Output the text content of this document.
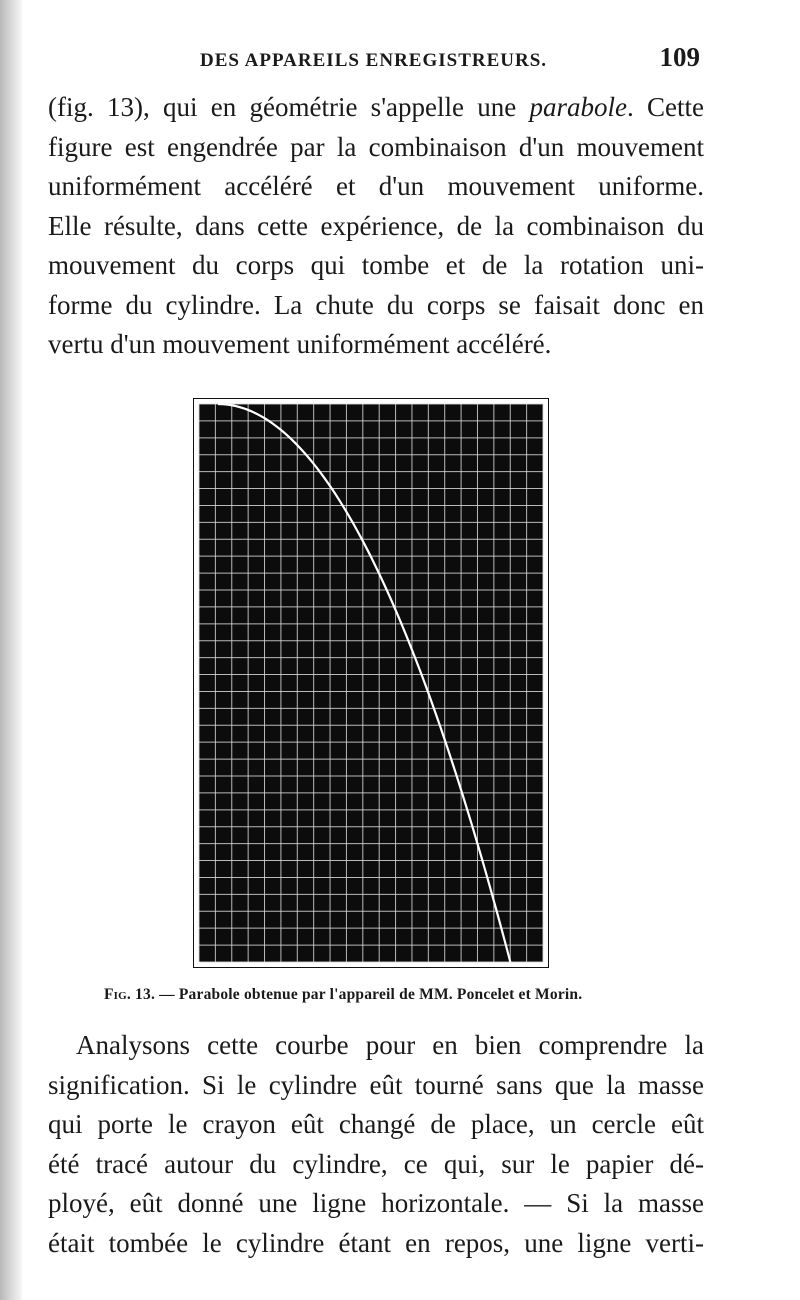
DES APPAREILS ENREGISTREURS.	109

(fig. 13), qui en géométrie s'appelle une parabole. Cette
figure est engendrée par la combinaison d'un mouvement
uniformément accéléré et d'un mouvement uniforme.
Elle résulte, dans cette expérience, de la combinaison du
mouvement du corps qui tombe et de la rotation uni-
forme du cylindre. La chute du corps se faisait donc en
vertu d'un mouvement uniformément accéléré.

Fig. 13. — Parabole obtenue par l'appareil de MM. Poncelet et Morin.

Analysons cette courbe pour en bien comprendre la
signification. Si le cylindre eût tourné sans que la masse
qui porte le crayon eût changé de place, un cercle eût
été tracé autour du cylindre, ce qui, sur le papier dé-
ployé, eût donné une ligne horizontale. — Si la masse
était tombée le cylindre étant en repos, une ligne verti-
